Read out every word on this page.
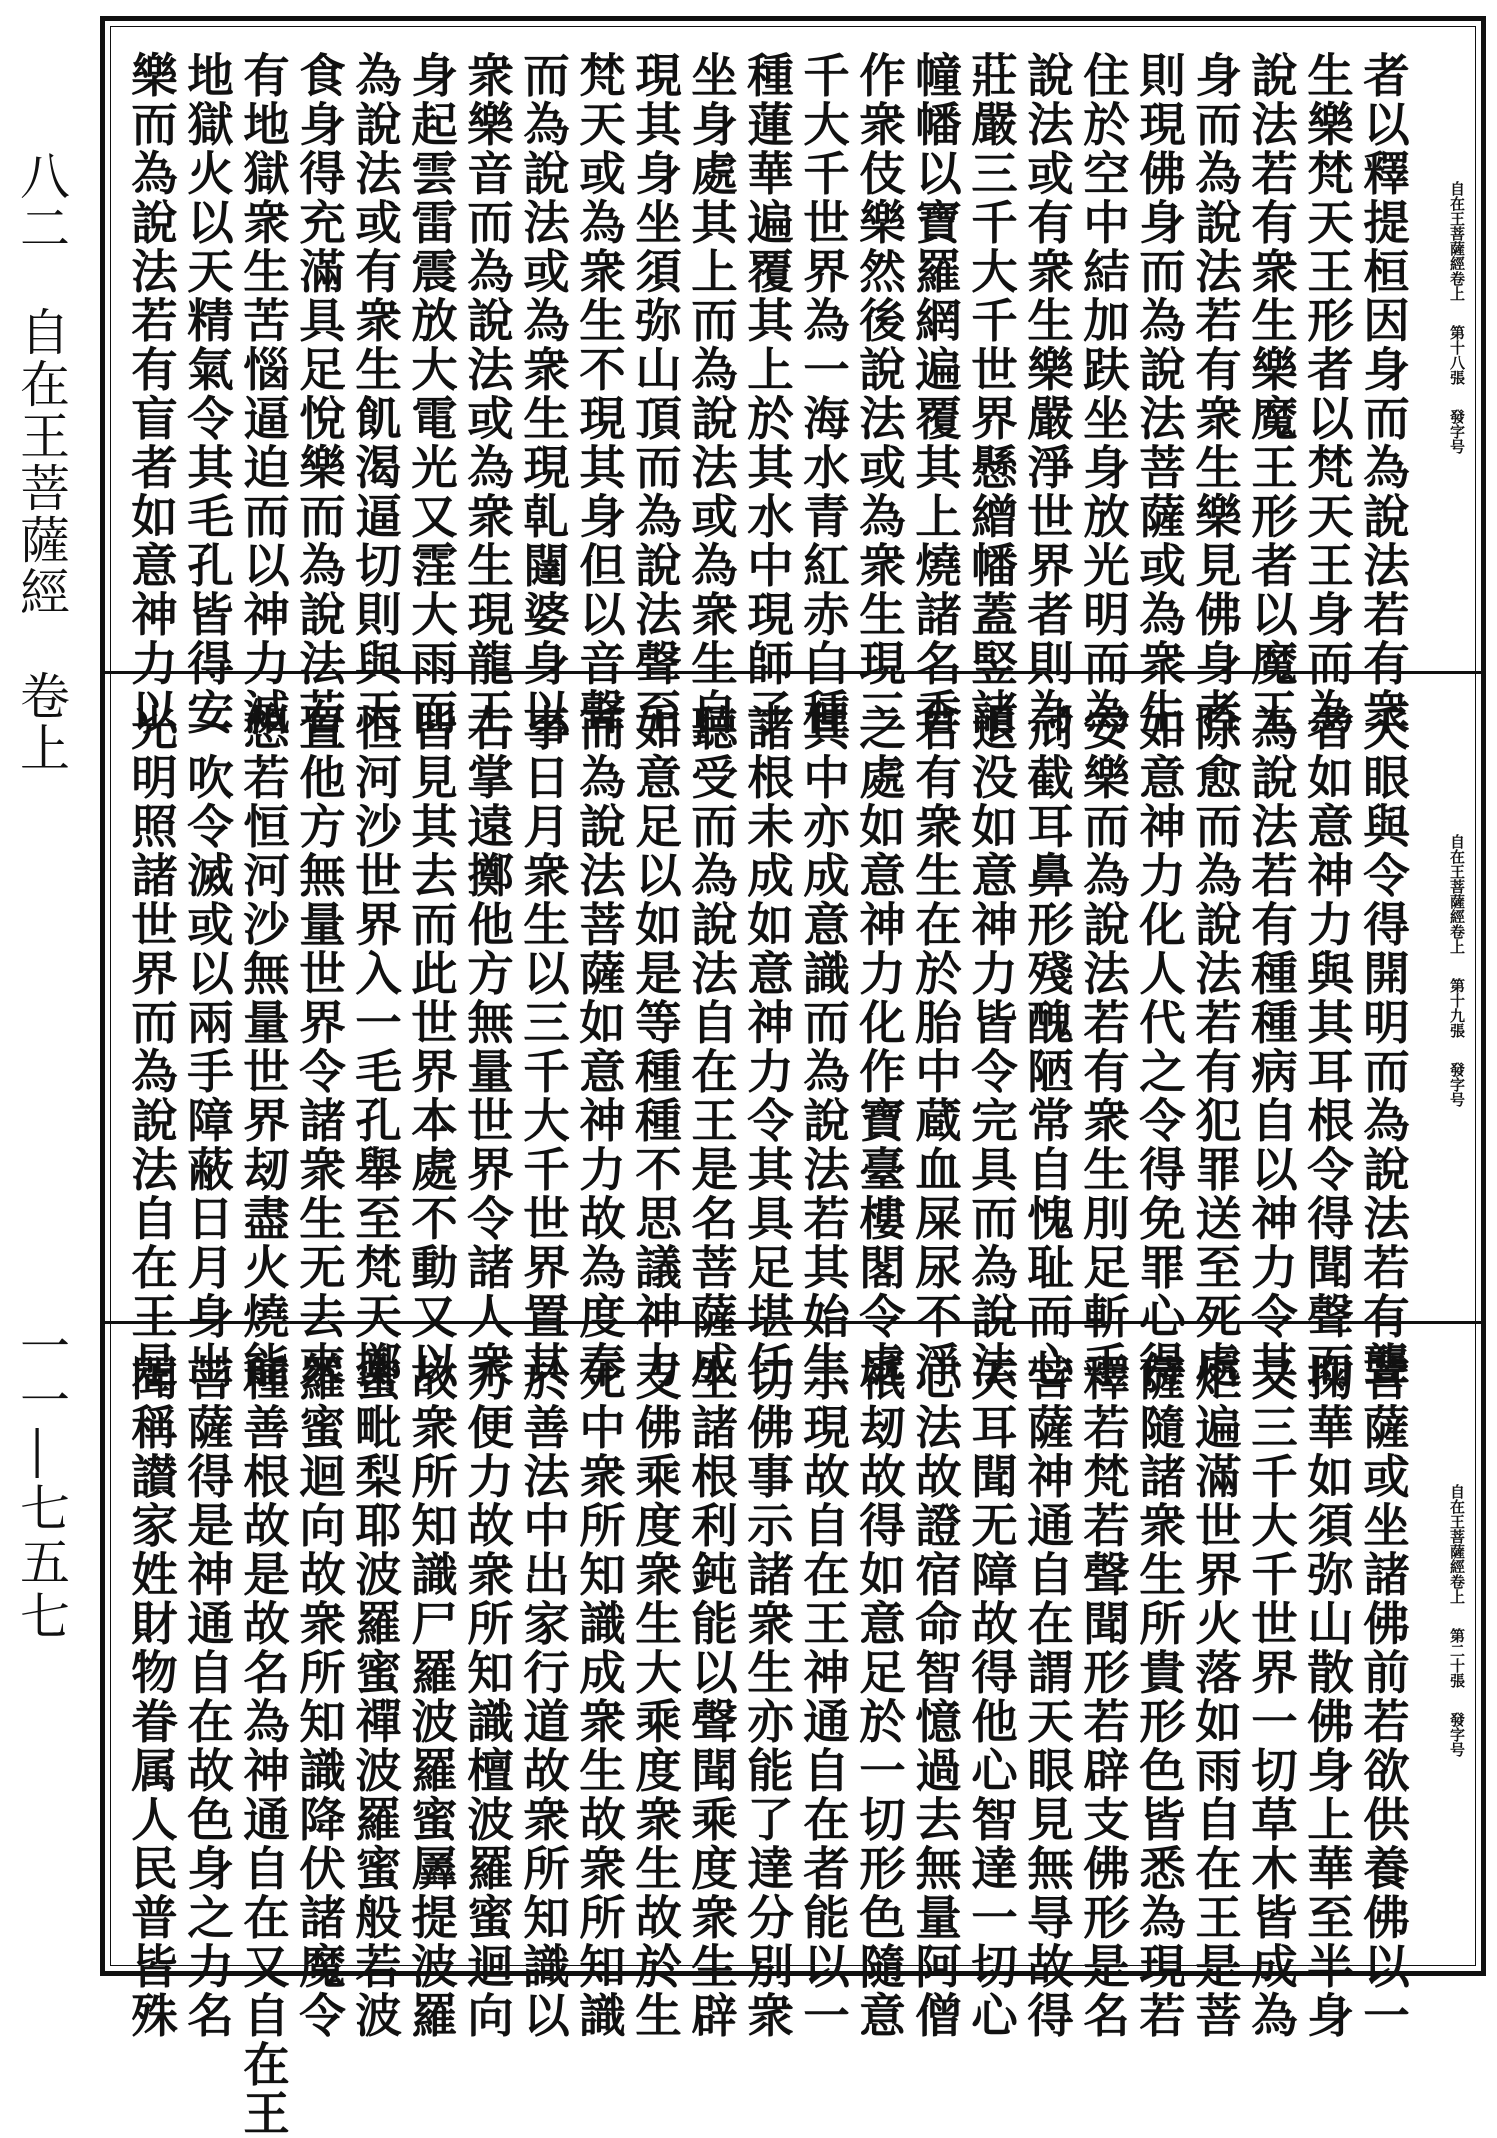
八二　自在王菩薩經　卷上
一一―七五七
者以釋提桓因身而為說法若有衆
生樂梵天王形者以梵天王身而為
說法若有衆生樂魔王形者以魔王
身而為說法若有衆生樂見佛身者
則現佛身而為說法菩薩或為衆生
住於空中結加趺坐身放光明而為
說法或有衆生樂嚴淨世界者則為
莊嚴三千大千世界懸繒幡蓋竪諸
幢幡以寶羅網遍覆其上燒諸名香
作衆伎樂然後說法或為衆生現三
千大千世界為一海水青紅赤白種
種蓮華遍覆其上於其水中現師子
坐身處其上而為說法或為衆生自
現其身坐須弥山頂而為說法聲至
梵天或為衆生不現其身但以音聲
而為說法或為衆生現乹闥婆身以
衆樂音而為說法或為衆生現龍王
身起雲雷震放大電光又霔大雨而
為說法或有衆生飢渴逼切則與天
食身得充滿具足悅樂而為說法若
有地獄衆生苦惱逼迫而以神力滅
地獄火以天精氣令其毛孔皆得安
樂而為說法若有盲者如意神力以	自在王菩薩經卷上第十八張發字号
天眼與令得開明而為說法若有聾
者如意神力與其耳根令得聞聲而
為說法若有種種病自以神力令其
除愈而為說法若有犯罪送至死處
如意神力化人代之令得免罪心得
安樂而為說法若有衆生刖足斬手
刓截耳鼻形殘醜陋常自愧耻而心
退没如意神力皆令完具而為說法
若有衆生在於胎中蔵血屎尿不淨
之處如意神力化作寶臺樓閣令處
其中亦成意識而為說法若其始生
諸根未成如意神力令其具足堪任
聽受而為說法自在王是名菩薩成
如意足以如是等種種不思議神力
而為說法菩薩如意神力故為度奉
事日月衆生以三千大千世界置其
右掌遠擲他方無量世界令諸人衆
皆見其去而此世界本處不動又以
恒河沙世界入一毛孔舉至梵天擲
置他方無量世界令諸衆生无去來
想若恒河沙無量世界刼盡火燒能
一吹令滅或以兩手障蔽日月身出
光明照諸世界而為說法自在王是	自在王菩薩經卷上第十九張發字号
菩薩或坐諸佛前若欲供養佛以一
掬華如須弥山散佛身上華至半身
又三千大千世界一切草木皆成為
炬遍滿世界火落如雨自在王是菩
薩隨諸衆生所貴形色皆悉為現若
釋若梵若聲聞形若辟支佛形是名
菩薩神通自在謂天眼見無㝵故得
天耳聞无障故得他心智達一切心
心法故證宿命智憶過去無量阿僧
祇刼故得如意足於一切形色隨意
示現故自在王神通自在者能以一
切佛事示諸衆生亦能了達分別衆
生諸根利鈍能以聲聞乘度衆生辟
支佛乘度衆生大乘度衆生故於生
死中衆所知識成衆生故衆所知識
於善法中出家行道故衆所知識以
方便力故衆所知識檀波羅蜜迴向
故衆所知識尸羅波羅蜜羼提波羅
蜜毗梨耶波羅蜜禪波羅蜜般若波
羅蜜迴向故衆所知識降伏諸魔令
種善根故是故名為神通自在又自在王
菩薩得是神通自在故色身之力名
聞稱讃家姓財物眷属人民普皆殊	自在王菩薩經卷上第二十張發字号
